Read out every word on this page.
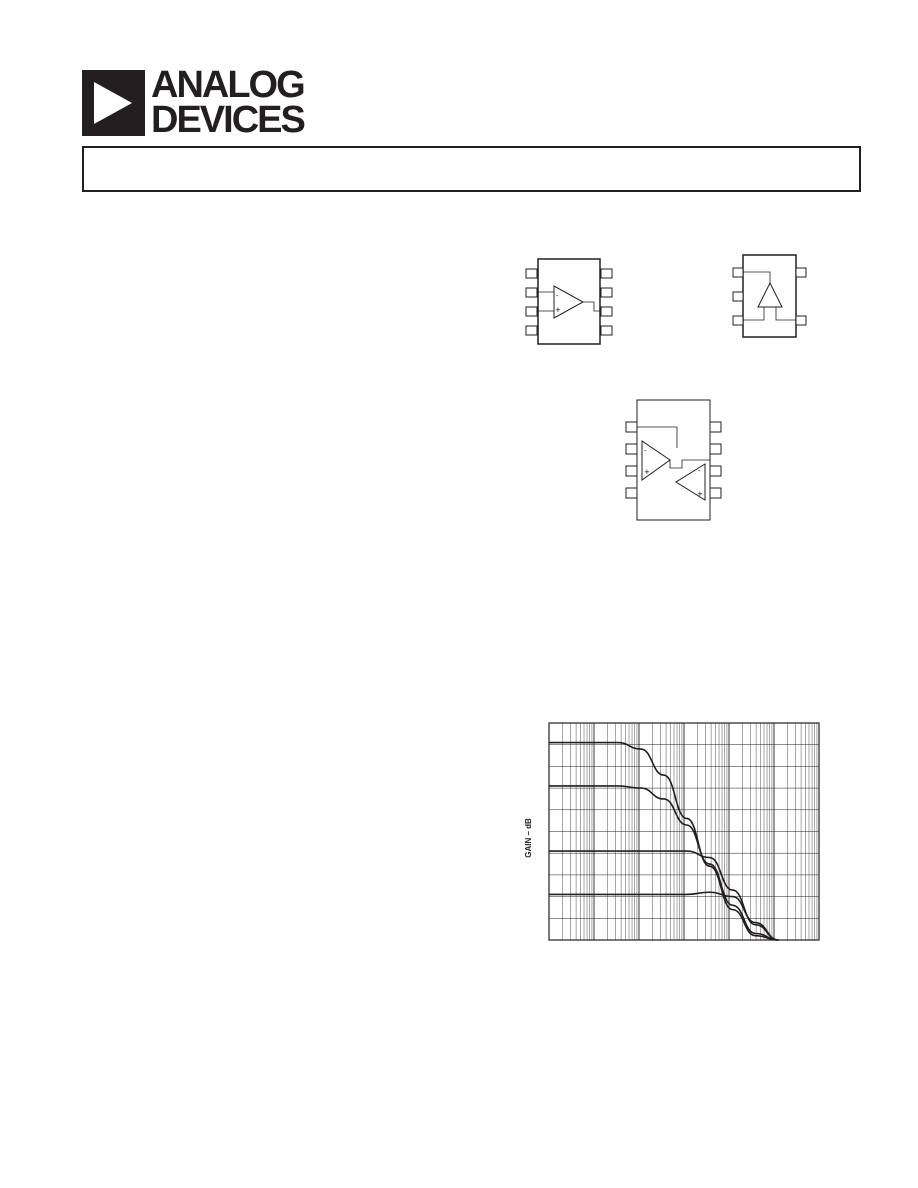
ANALOG
DEVICES
-
+
-
+	-
+
GAIN – dB
